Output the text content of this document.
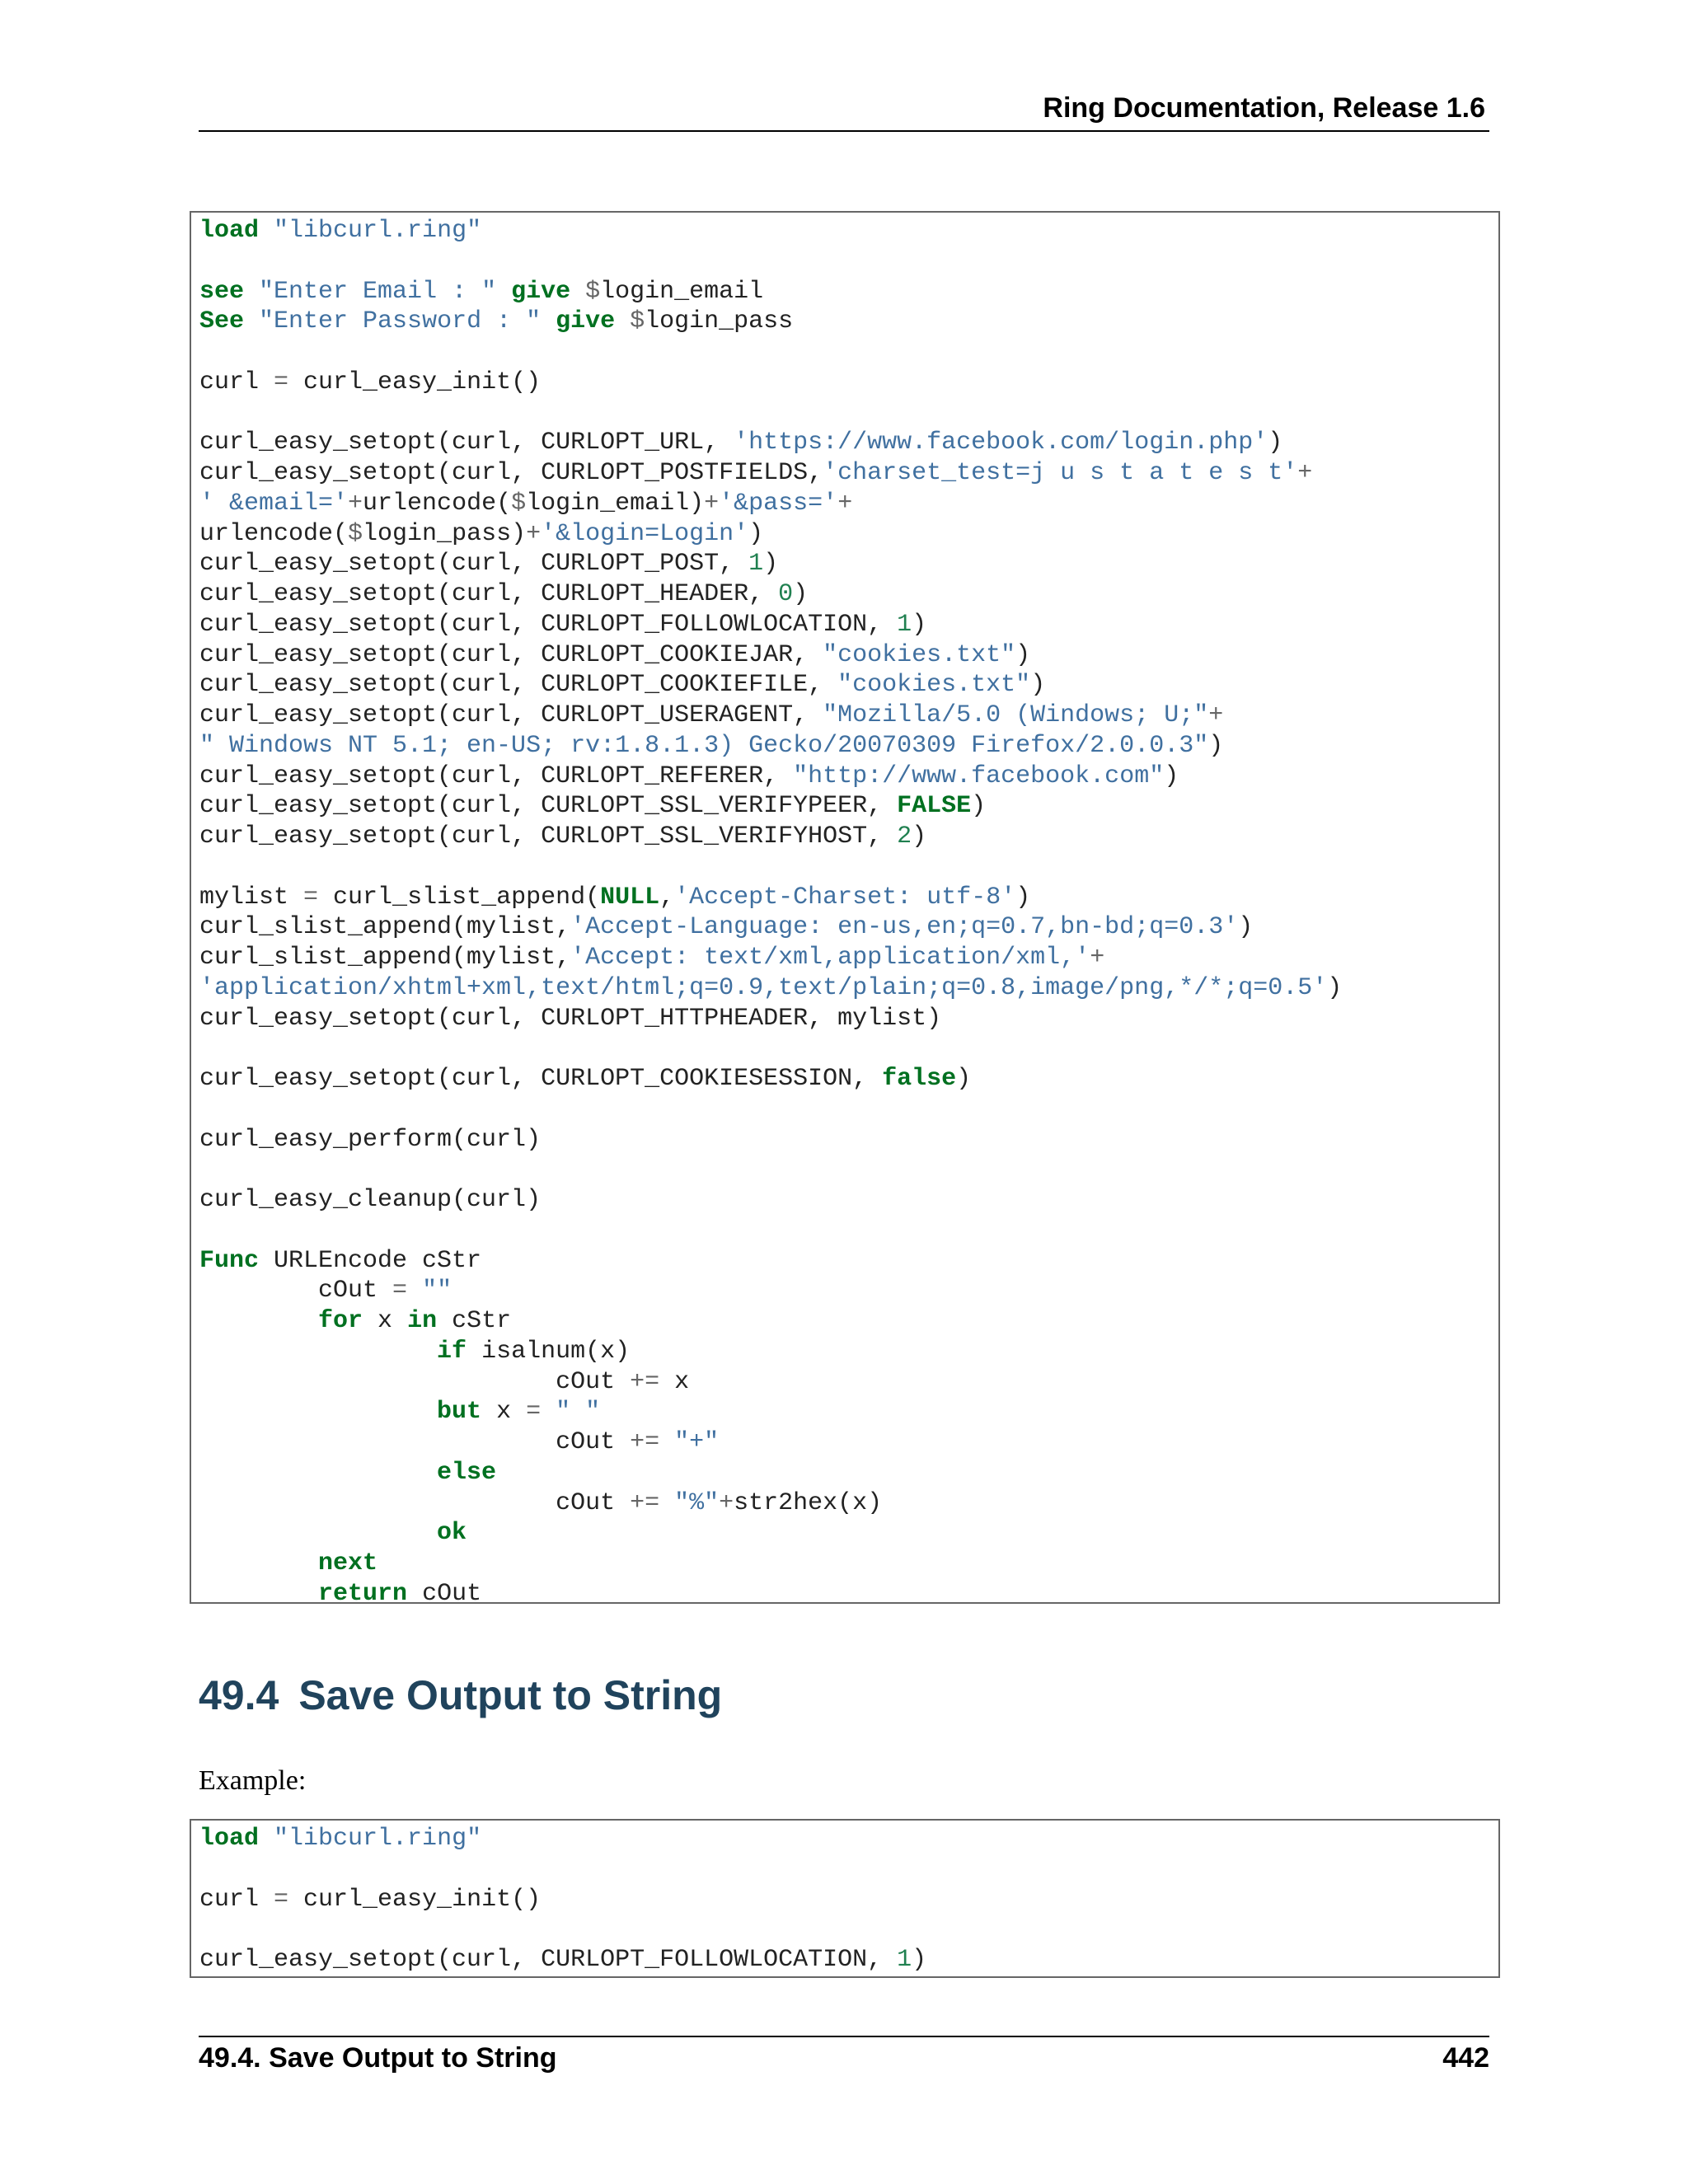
Ring Documentation, Release 1.6
load "libcurl.ring"
see "Enter Email : " give $login_email
See "Enter Password : " give $login_pass
curl = curl_easy_init()
curl_easy_setopt(curl, CURLOPT_URL, 'https://www.facebook.com/login.php')
curl_easy_setopt(curl, CURLOPT_POSTFIELDS,'charset_test=j u s t a t e s t'+
' &email='+urlencode($login_email)+'&pass='+
urlencode($login_pass)+'&login=Login')
curl_easy_setopt(curl, CURLOPT_POST, 1)
curl_easy_setopt(curl, CURLOPT_HEADER, 0)
curl_easy_setopt(curl, CURLOPT_FOLLOWLOCATION, 1)
curl_easy_setopt(curl, CURLOPT_COOKIEJAR, "cookies.txt")
curl_easy_setopt(curl, CURLOPT_COOKIEFILE, "cookies.txt")
curl_easy_setopt(curl, CURLOPT_USERAGENT, "Mozilla/5.0 (Windows; U;"+
" Windows NT 5.1; en-US; rv:1.8.1.3) Gecko/20070309 Firefox/2.0.0.3")
curl_easy_setopt(curl, CURLOPT_REFERER, "http://www.facebook.com")
curl_easy_setopt(curl, CURLOPT_SSL_VERIFYPEER, FALSE)
curl_easy_setopt(curl, CURLOPT_SSL_VERIFYHOST, 2)
mylist = curl_slist_append(NULL,'Accept-Charset: utf-8')
curl_slist_append(mylist,'Accept-Language: en-us,en;q=0.7,bn-bd;q=0.3')
curl_slist_append(mylist,'Accept: text/xml,application/xml,'+
'application/xhtml+xml,text/html;q=0.9,text/plain;q=0.8,image/png,*/*;q=0.5')
curl_easy_setopt(curl, CURLOPT_HTTPHEADER, mylist)
curl_easy_setopt(curl, CURLOPT_COOKIESESSION, false)
curl_easy_perform(curl)
curl_easy_cleanup(curl)
Func URLEncode cStr
cOut = ""
for x in cStr
if isalnum(x)
cOut += x
but x = " "
cOut += "+"
else
cOut += "%"+str2hex(x)
ok
next
return cOut
49.4 Save Output to String
Example:
load "libcurl.ring"
curl = curl_easy_init()
curl_easy_setopt(curl, CURLOPT_FOLLOWLOCATION, 1)
49.4. Save Output to String	442
